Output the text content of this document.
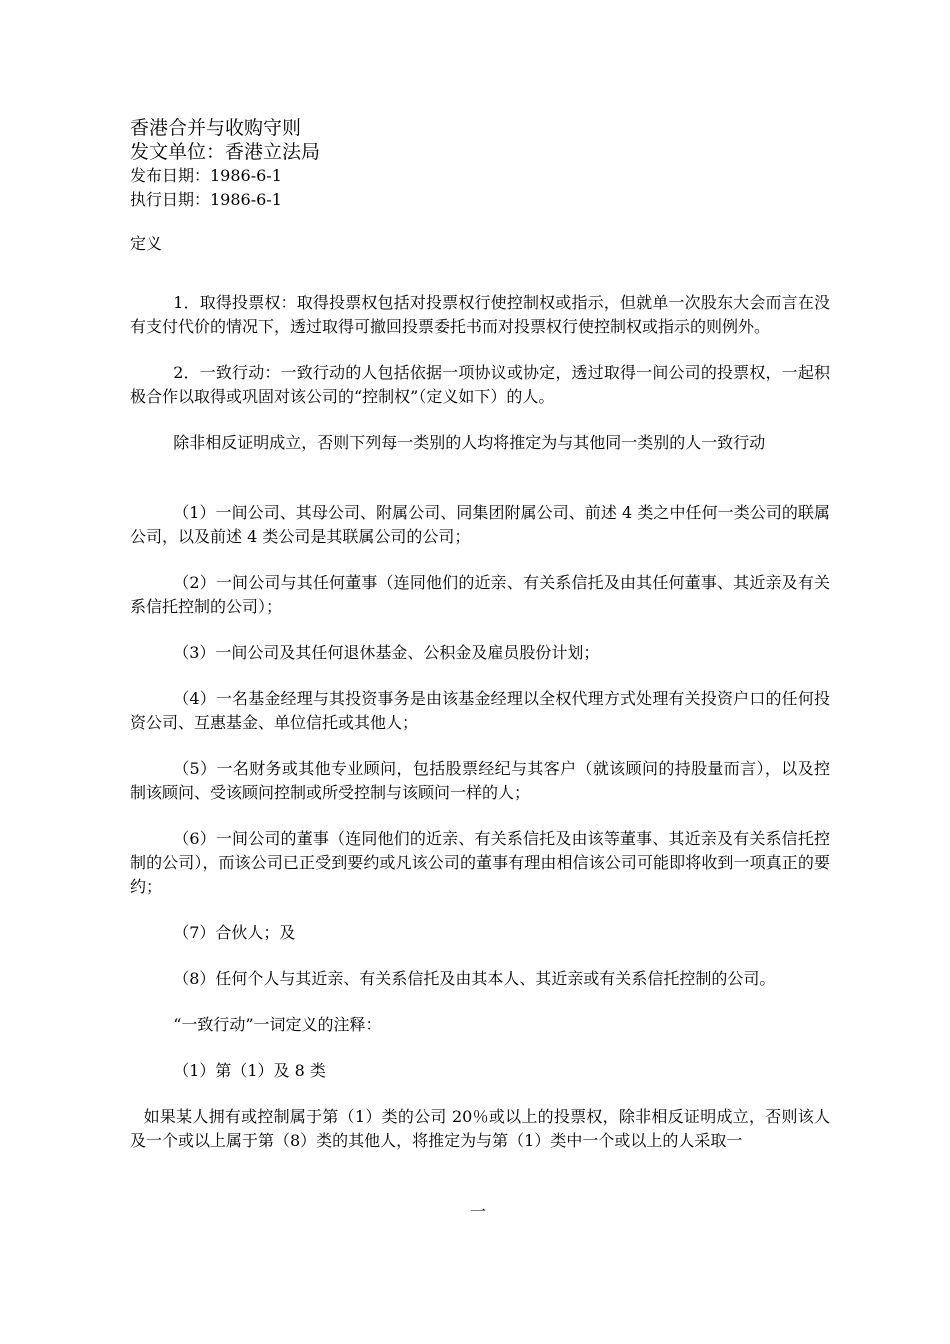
香港合并与收购守则
发文单位：香港立法局
发布日期：1986-6-1
执行日期：1986-6-1
定义

1．取得投票权：取得投票权包括对投票权行使控制权或指示，但就单一次股东大会而言在没有支付代价的情况下，透过取得可撤回投票委托书而对投票权行使控制权或指示的则例外。

2．一致行动：一致行动的人包括依据一项协议或协定，透过取得一间公司的投票权，一起积极合作以取得或巩固对该公司的“控制权”（定义如下）的人。

除非相反证明成立，否则下列每一类别的人均将推定为与其他同一类别的人一致行动

（1）一间公司、其母公司、附属公司、同集团附属公司、前述 4 类之中任何一类公司的联属公司，以及前述 4 类公司是其联属公司的公司；

（2）一间公司与其任何董事（连同他们的近亲、有关系信托及由其任何董事、其近亲及有关系信托控制的公司）；

（3）一间公司及其任何退休基金、公积金及雇员股份计划；

（4）一名基金经理与其投资事务是由该基金经理以全权代理方式处理有关投资户口的任何投资公司、互惠基金、单位信托或其他人；

（5）一名财务或其他专业顾问，包括股票经纪与其客户（就该顾问的持股量而言），以及控制该顾问、受该顾问控制或所受控制与该顾问一样的人；

（6）一间公司的董事（连同他们的近亲、有关系信托及由该等董事、其近亲及有关系信托控制的公司），而该公司已正受到要约或凡该公司的董事有理由相信该公司可能即将收到一项真正的要约；

（7）合伙人；及

（8）任何个人与其近亲、有关系信托及由其本人、其近亲或有关系信托控制的公司。

“一致行动”一词定义的注释：

（1）第（1）及 8 类

如果某人拥有或控制属于第（1）类的公司 20％或以上的投票权，除非相反证明成立，否则该人及一个或以上属于第（8）类的其他人，将推定为与第（1）类中一个或以上的人采取一

一
